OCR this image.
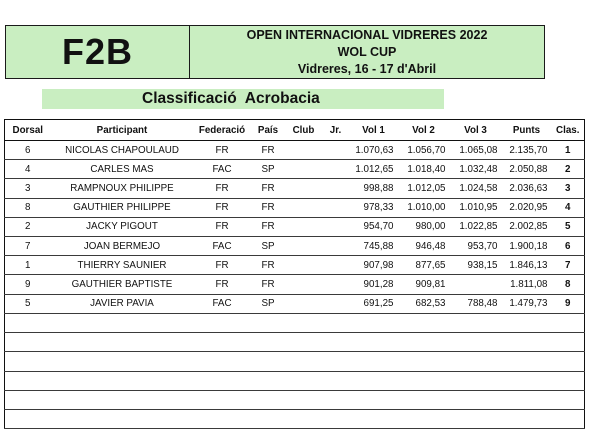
F2B	OPEN INTERNACIONAL VIDRERES 2022
WOL CUP
Vidreres, 16 - 17 d'Abril
Classificació  Acrobacia
Dorsal	Participant	Federació	País	Club	Jr.	Vol 1	Vol 2	Vol 3	Punts	Clas.
6	NICOLAS CHAPOULAUD	FR	FR			1.070,63	1.056,70	1.065,08	2.135,70	1
4	CARLES MAS	FAC	SP			1.012,65	1.018,40	1.032,48	2.050,88	2
3	RAMPNOUX PHILIPPE	FR	FR			998,88	1.012,05	1.024,58	2.036,63	3
8	GAUTHIER PHILIPPE	FR	FR			978,33	1.010,00	1.010,95	2.020,95	4
2	JACKY PIGOUT	FR	FR			954,70	980,00	1.022,85	2.002,85	5
7	JOAN BERMEJO	FAC	SP			745,88	946,48	953,70	1.900,18	6
1	THIERRY SAUNIER	FR	FR			907,98	877,65	938,15	1.846,13	7
9	GAUTHIER BAPTISTE	FR	FR			901,28	909,81		1.811,08	8
5	JAVIER PAVIA	FAC	SP			691,25	682,53	788,48	1.479,73	9
